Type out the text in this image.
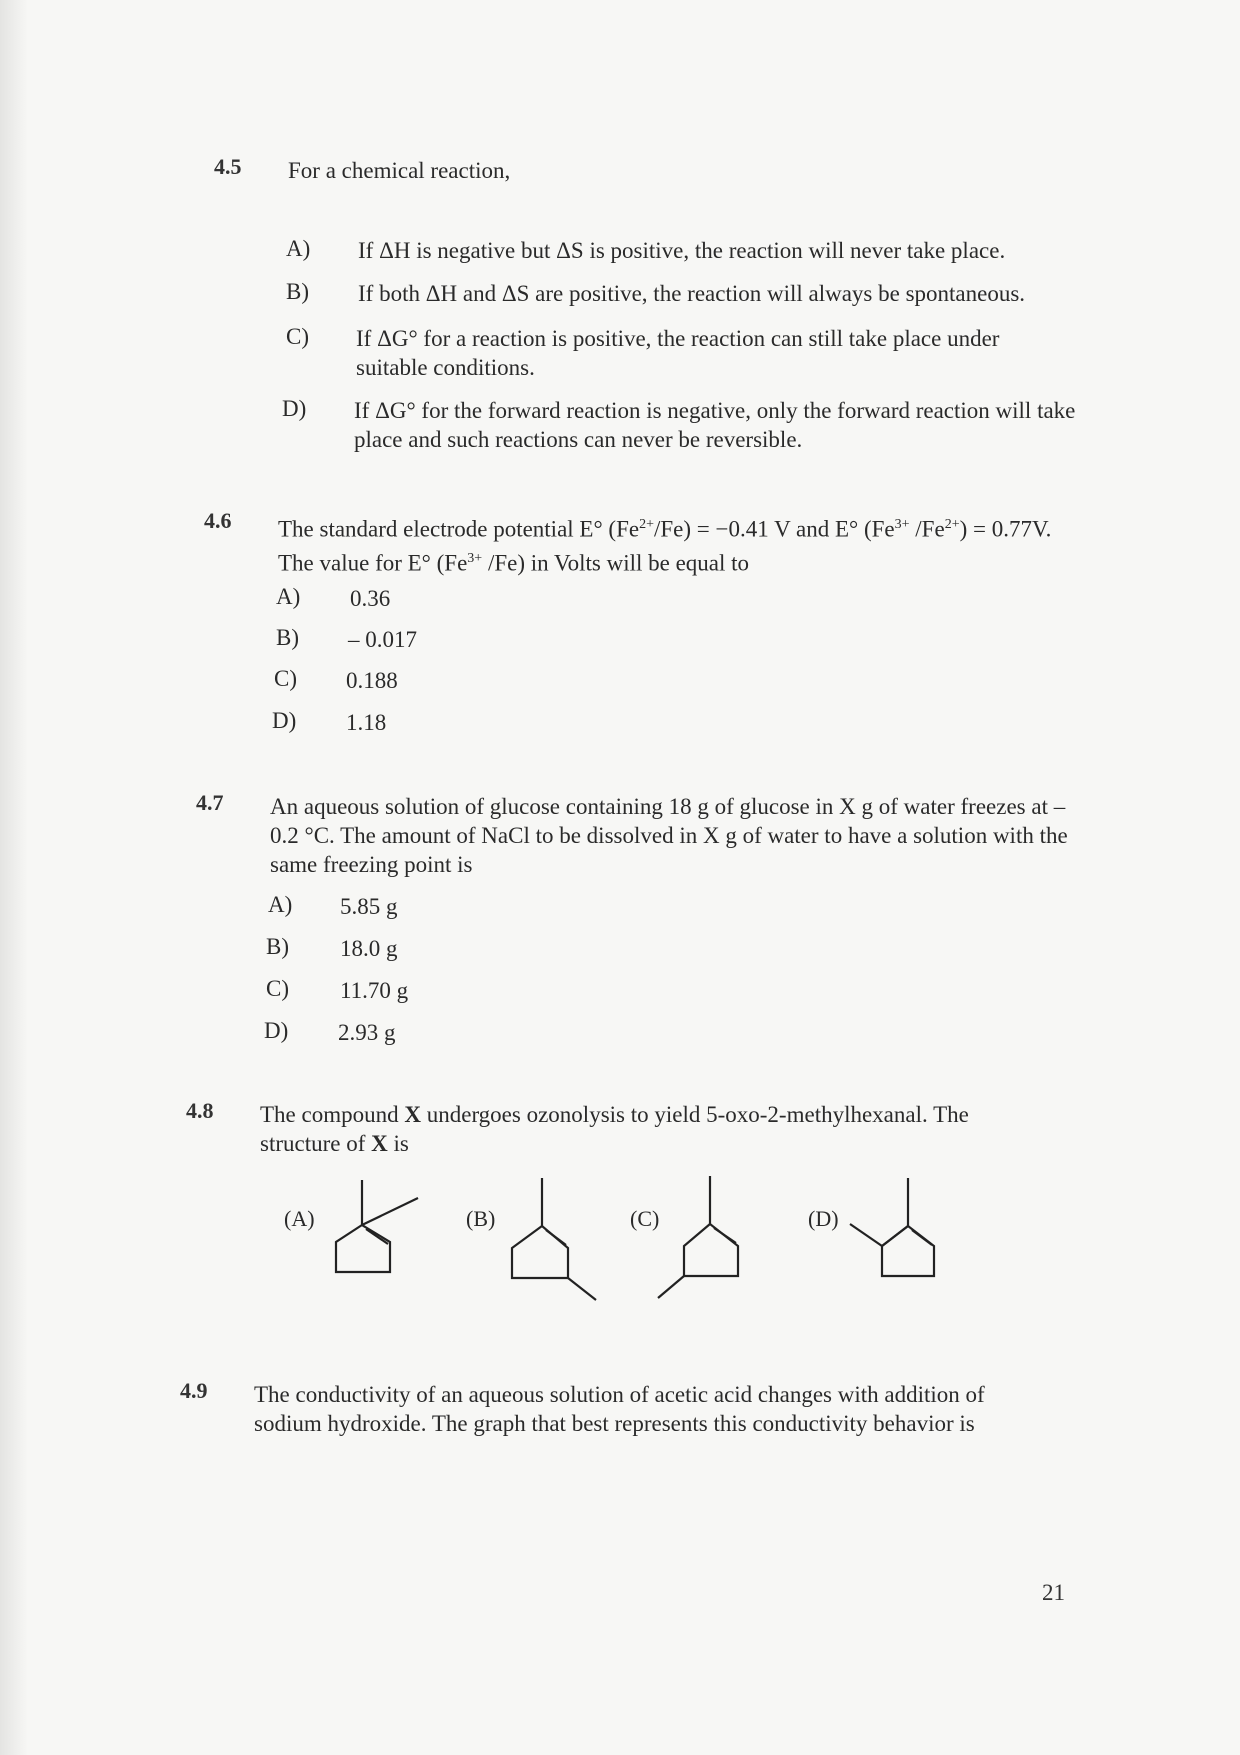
4.5 For a chemical reaction,
A) If ΔH is negative but ΔS is positive, the reaction will never take place.
B) If both ΔH and ΔS are positive, the reaction will always be spontaneous.
C) If ΔG° for a reaction is positive, the reaction can still take place under suitable conditions.
D) If ΔG° for the forward reaction is negative, only the forward reaction will take place and such reactions can never be reversible.
4.6 The standard electrode potential E° $(Fe^{2+}/Fe) = -0.41$ V and E° ($Fe^{3+}$ $/Fe^{2+}) = 0.77V$. The value for E° ($Fe^{3+}$ /Fe) in Volts will be equal to
A) 0.36
B) – 0.017
C) 0.188
D) 1.18
4.7 An aqueous solution of glucose containing 18 g of glucose in X g of water freezes at – 0.2 °C. The amount of NaCl to be dissolved in X g of water to have a solution with the same freezing point is
A) 5.85 g
B) 18.0 g
C) 11.70 g
D) 2.93 g
4.8 The compound X undergoes ozonolysis to yield 5-oxo-2-methylhexanal. The structure of X is
(A)	(B)	(C)	(D)
4.9 The conductivity of an aqueous solution of acetic acid changes with addition of sodium hydroxide. The graph that best represents this conductivity behavior is
21
